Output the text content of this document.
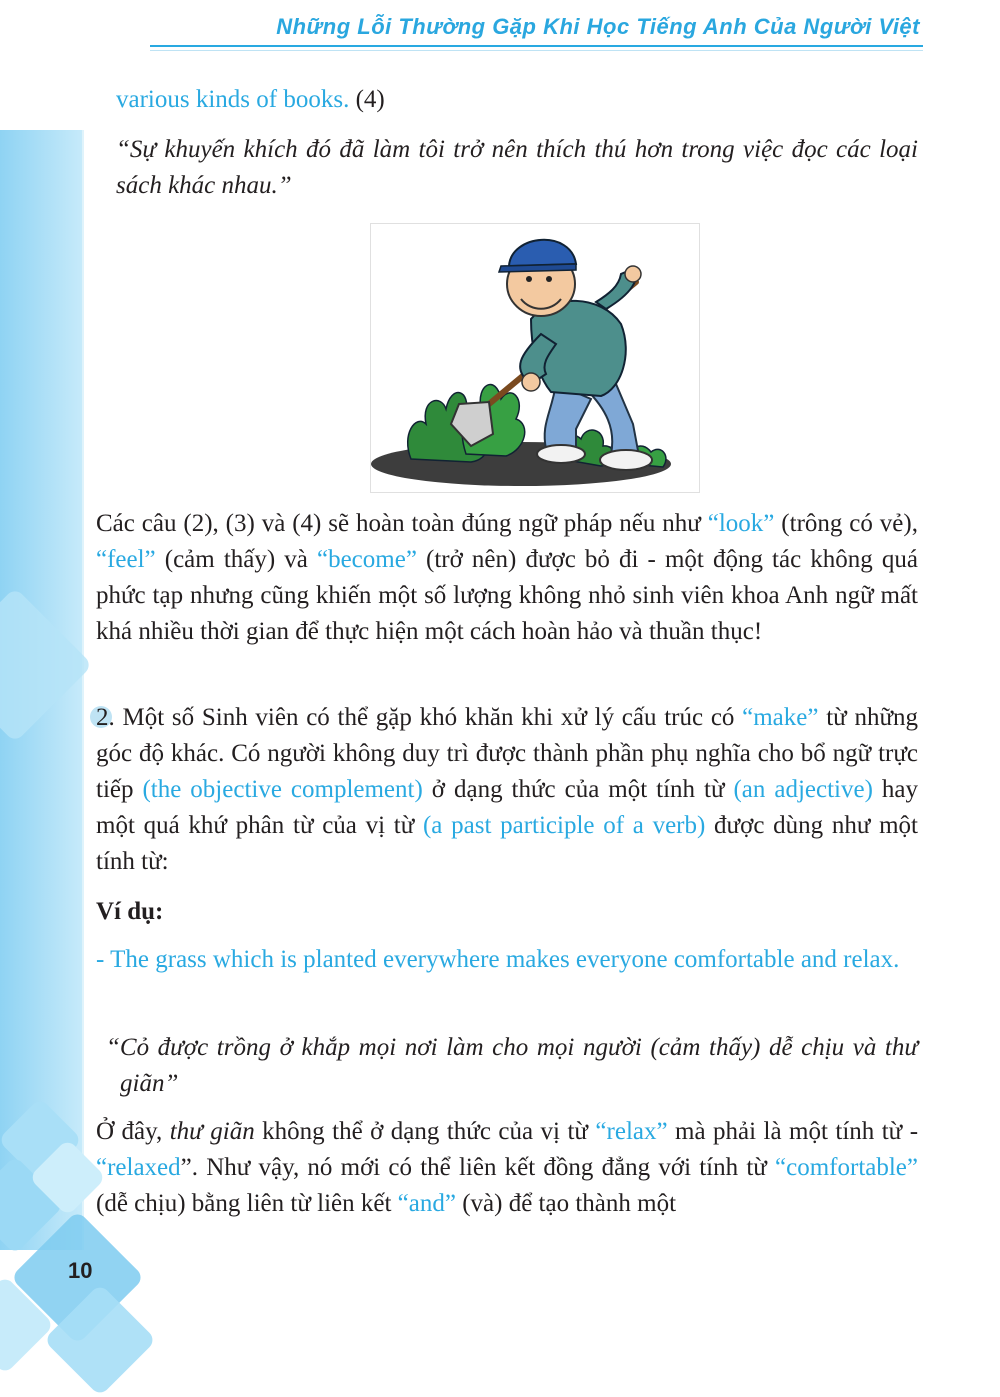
Những Lỗi Thường Gặp Khi Học Tiếng Anh Của Người Việt
10

various kinds of books. (4)

“Sự khuyến khích đó đã làm tôi trở nên thích thú hơn trong việc đọc các loại sách khác nhau.”

Các câu (2), (3) và (4) sẽ hoàn toàn đúng ngữ pháp nếu như “look” (trông có vẻ), “feel” (cảm thấy) và “become” (trở nên) được bỏ đi - một động tác không quá phức tạp nhưng cũng khiến một số lượng không nhỏ sinh viên khoa Anh ngữ mất khá nhiều thời gian để thực hiện một cách hoàn hảo và thuần thục!

2. Một số Sinh viên có thể gặp khó khăn khi xử lý cấu trúc có “make” từ những góc độ khác. Có người không duy trì được thành phần phụ nghĩa cho bổ ngữ trực tiếp (the objective complement) ở dạng thức của một tính từ (an adjective) hay một quá khứ phân từ của vị từ (a past participle of a verb) được dùng như một tính từ:

Ví dụ:

- The grass which is planted everywhere makes everyone comfortable and relax.

“Cỏ được trồng ở khắp mọi nơi làm cho mọi người (cảm thấy) dễ chịu và thư giãn”

Ở đây, thư giãn không thể ở dạng thức của vị từ “relax” mà phải là một tính từ - “relaxed”. Như vậy, nó mới có thể liên kết đồng đẳng với tính từ “comfortable” (dễ chịu) bằng liên từ liên kết “and” (và) để tạo thành một
